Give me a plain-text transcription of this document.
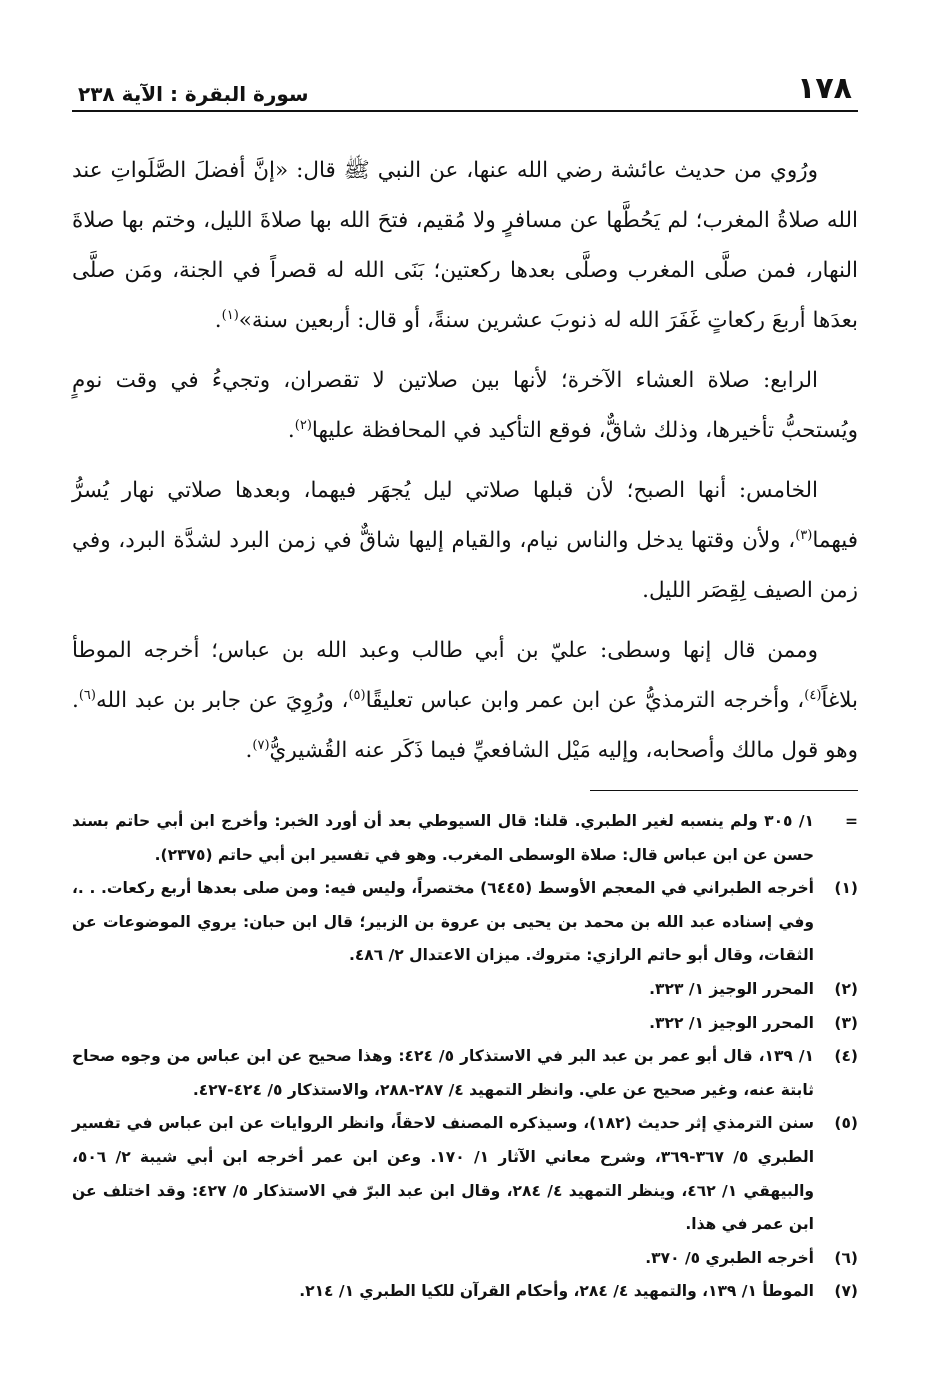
١٧٨
سورة البقرة : الآية ٢٣٨

ورُوي من حديث عائشة رضي الله عنها، عن النبي ﷺ قال: «إنَّ أفضلَ الصَّلَواتِ عند الله صلاةُ المغرب؛ لم يَحُطَّها عن مسافرٍ ولا مُقيم، فتحَ الله بها صلاةَ الليل، وختم بها صلاةَ النهار، فمن صلَّى المغرب وصلَّى بعدها ركعتين؛ بَنَى الله له قصراً في الجنة، ومَن صلَّى بعدَها أربعَ ركعاتٍ غَفَرَ الله له ذنوبَ عشرين سنةً، أو قال: أربعين سنة»$^{(١)}$.

الرابع: صلاة العشاء الآخرة؛ لأنها بين صلاتين لا تقصران، وتجيءُ في وقت نومٍ ويُستحبُّ تأخيرها، وذلك شاقٌّ، فوقع التأكيد في المحافظة عليها$^{(٢)}$.

الخامس: أنها الصبح؛ لأن قبلها صلاتي ليل يُجهَر فيهما، وبعدها صلاتي نهار يُسرُّ فيهما$^{(٣)}$، ولأن وقتها يدخل والناس نيام، والقيام إليها شاقٌّ في زمن البرد لشدَّة البرد، وفي زمن الصيف لِقِصَر الليل.

وممن قال إنها وسطى: عليّ بن أبي طالب وعبد الله بن عباس؛ أخرجه الموطأ بلاغاً$^{(٤)}$، وأخرجه الترمذيُّ عن ابن عمر وابن عباس تعليقًا$^{(٥)}$، ورُوِيَ عن جابر بن عبد الله$^{(٦)}$. وهو قول مالك وأصحابه، وإليه مَيْل الشافعيِّ فيما ذَكَر عنه القُشيريُّ$^{(٧)}$.

=
١/ ٣٠٥ ولم ينسبه لغير الطبري. قلنا: قال السيوطي بعد أن أورد الخبر: وأخرج ابن أبي حاتم بسند حسن عن ابن عباس قال: صلاة الوسطى المغرب. وهو في تفسير ابن أبي حاتم (٢٣٧٥).
(١)
أخرجه الطبراني في المعجم الأوسط (٦٤٤٥) مختصراً، وليس فيه: ومن صلى بعدها أربع ركعات. . .، وفي إسناده عبد الله بن محمد بن يحيى بن عروة بن الزبير؛ قال ابن حبان: يروي الموضوعات عن الثقات، وقال أبو حاتم الرازي: متروك. ميزان الاعتدال ٢/ ٤٨٦.
(٢)
المحرر الوجيز ١/ ٣٢٣.
(٣)
المحرر الوجيز ١/ ٣٢٢.
(٤)
١/ ١٣٩، قال أبو عمر بن عبد البر في الاستذكار ٥/ ٤٢٤: وهذا صحيح عن ابن عباس من وجوه صحاح ثابتة عنه، وغير صحيح عن علي. وانظر التمهيد ٤/ ٢٨٧-٢٨٨، والاستذكار ٥/ ٤٢٤-٤٢٧.
(٥)
سنن الترمذي إثر حديث (١٨٢)، وسيذكره المصنف لاحقاً، وانظر الروايات عن ابن عباس في تفسير الطبري ٥/ ٣٦٧-٣٦٩، وشرح معاني الآثار ١/ ١٧٠. وعن ابن عمر أخرجه ابن أبي شيبة ٢/ ٥٠٦، والبيهقي ١/ ٤٦٢، وينظر التمهيد ٤/ ٢٨٤، وقال ابن عبد البرّ في الاستذكار ٥/ ٤٢٧: وقد اختلف عن ابن عمر في هذا.
(٦)
أخرجه الطبري ٥/ ٣٧٠.
(٧)
الموطأ ١/ ١٣٩، والتمهيد ٤/ ٢٨٤، وأحكام القرآن للكيا الطبري ١/ ٢١٤.
